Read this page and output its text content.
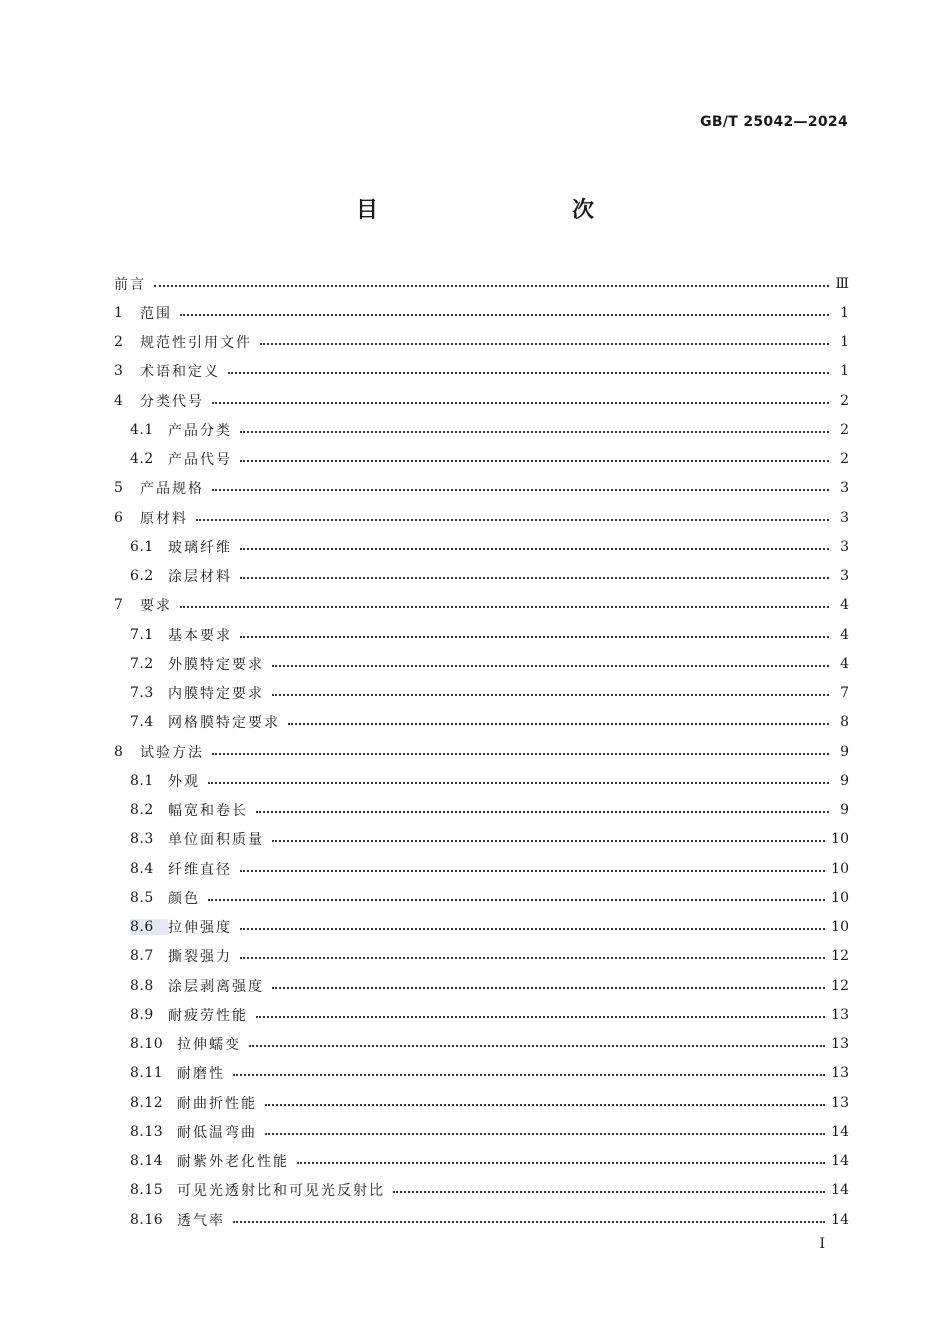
GB/T 25042—2024
目　　次
前言	Ⅲ
1	范围	1
2	规范性引用文件	1
3	术语和定义	1
4	分类代号	2
4.1	产品分类	2
4.2	产品代号	2
5	产品规格	3
6	原材料	3
6.1	玻璃纤维	3
6.2	涂层材料	3
7	要求	4
7.1	基本要求	4
7.2	外膜特定要求	4
7.3	内膜特定要求	7
7.4	网格膜特定要求	8
8	试验方法	9
8.1	外观	9
8.2	幅宽和卷长	9
8.3	单位面积质量	10
8.4	纤维直径	10
8.5	颜色	10
8.6	拉伸强度	10
8.7	撕裂强力	12
8.8	涂层剥离强度	12
8.9	耐疲劳性能	13
8.10 拉伸蠕变	13
8.11 耐磨性	13
8.12 耐曲折性能	13
8.13 耐低温弯曲	14
8.14 耐紫外老化性能	14
8.15 可见光透射比和可见光反射比	14
8.16 透气率	14
Ⅰ
